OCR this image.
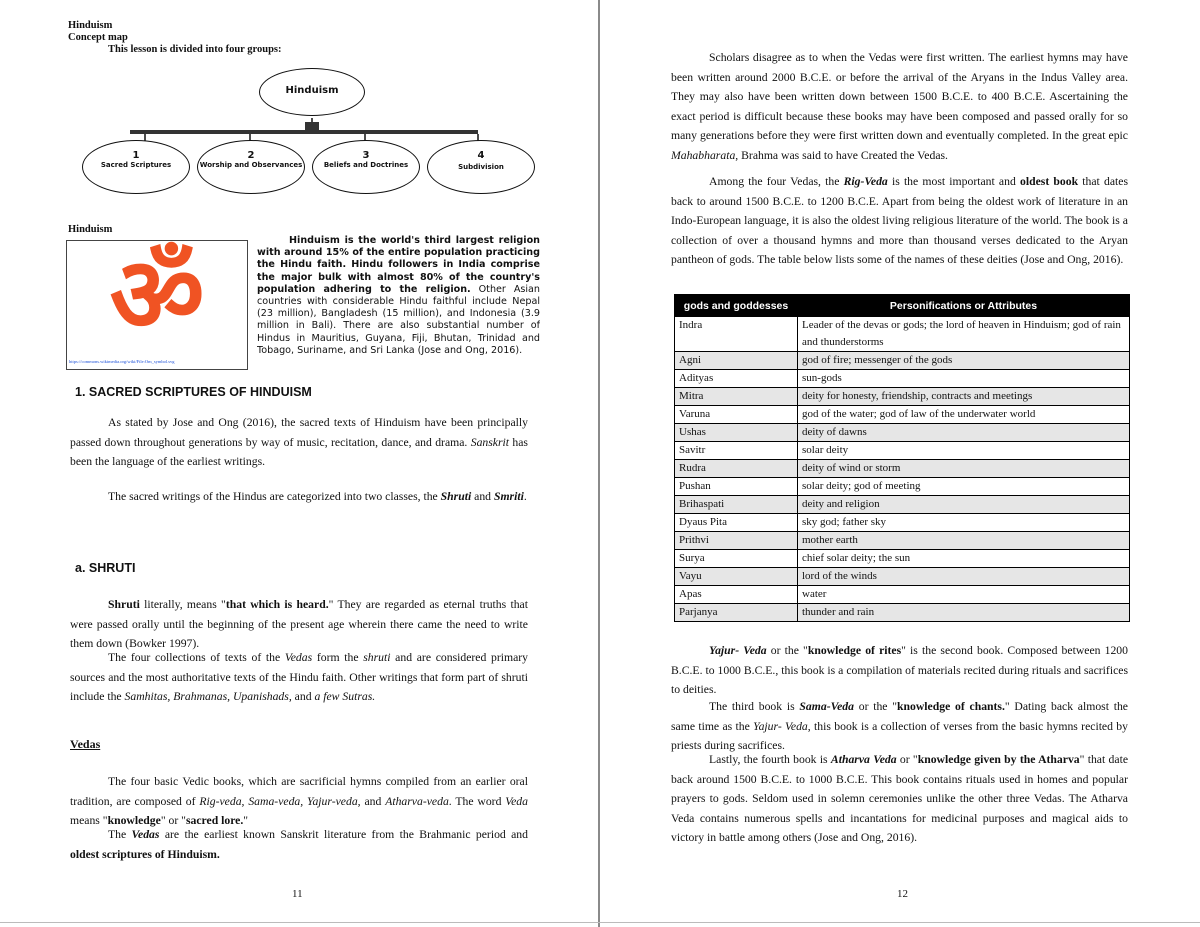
Hinduism
Concept map
This lesson is divided into four groups:
Hinduism
1
Sacred Scriptures
2
Worship and Observances
3
Beliefs and Doctrines
4
Subdivision
Hinduism
ॐ
https://commons.wikimedia.org/wiki/File:Om_symbol.svg
Hinduism is the world's third largest religion with around 15% of the entire population practicing the Hindu faith. Hindu followers in India comprise the major bulk with almost 80% of the country's population adhering to the religion. Other Asian countries with considerable Hindu faithful include Nepal (23 million), Bangladesh (15 million), and Indonesia (3.9 million in Bali). There are also substantial number of Hindus in Mauritius, Guyana, Fiji, Bhutan, Trinidad and Tobago, Suriname, and Sri Lanka (Jose and Ong, 2016).
1. SACRED SCRIPTURES OF HINDUISM
As stated by Jose and Ong (2016), the sacred texts of Hinduism have been principally passed down throughout generations by way of music, recitation, dance, and drama. Sanskrit has been the language of the earliest writings.
The sacred writings of the Hindus are categorized into two classes, the Shruti and Smriti.
a. SHRUTI
Shruti literally, means "that which is heard." They are regarded as eternal truths that were passed orally until the beginning of the present age wherein there came the need to write them down (Bowker 1997).
The four collections of texts of the Vedas form the shruti and are considered primary sources and the most authoritative texts of the Hindu faith. Other writings that form part of shruti include the Samhitas, Brahmanas, Upanishads, and a few Sutras.
Vedas
The four basic Vedic books, which are sacrificial hymns compiled from an earlier oral tradition, are composed of Rig-veda, Sama-veda, Yajur-veda, and Atharva-veda. The word Veda means "knowledge" or "sacred lore."
The Vedas are the earliest known Sanskrit literature from the Brahmanic period and oldest scriptures of Hinduism.
11
Scholars disagree as to when the Vedas were first written. The earliest hymns may have been written around 2000 B.C.E. or before the arrival of the Aryans in the Indus Valley area. They may also have been written down between 1500 B.C.E. to 400 B.C.E. Ascertaining the exact period is difficult because these books may have been composed and passed orally for so many generations before they were first written down and eventually completed. In the great epic Mahabharata, Brahma was said to have Created the Vedas.
Among the four Vedas, the Rig-Veda is the most important and oldest book that dates back to around 1500 B.C.E. to 1200 B.C.E. Apart from being the oldest work of literature in an Indo-European language, it is also the oldest living religious literature of the world. The book is a collection of over a thousand hymns and more than thousand verses dedicated to the Aryan pantheon of gods. The table below lists some of the names of these deities (Jose and Ong, 2016).
gods and goddesses	Personifications or Attributes
Indra	Leader of the devas or gods; the lord of heaven in Hinduism; god of rain and thunderstorms
Agni	god of fire; messenger of the gods
Adityas	sun-gods
Mitra	deity for honesty, friendship, contracts and meetings
Varuna	god of the water; god of law of the underwater world
Ushas	deity of dawns
Savitr	solar deity
Rudra	deity of wind or storm
Pushan	solar deity; god of meeting
Brihaspati	deity and religion
Dyaus Pita	sky god; father sky
Prithvi	mother earth
Surya	chief solar deity; the sun
Vayu	lord of the winds
Apas	water
Parjanya	thunder and rain
Yajur- Veda or the "knowledge of rites" is the second book. Composed between 1200 B.C.E. to 1000 B.C.E., this book is a compilation of materials recited during rituals and sacrifices to deities.
The third book is Sama-Veda or the "knowledge of chants." Dating back almost the same time as the Yajur- Veda, this book is a collection of verses from the basic hymns recited by priests during sacrifices.
Lastly, the fourth book is Atharva Veda or "knowledge given by the Atharva" that date back around 1500 B.C.E. to 1000 B.C.E. This book contains rituals used in homes and popular prayers to gods. Seldom used in solemn ceremonies unlike the other three Vedas. The Atharva Veda contains numerous spells and incantations for medicinal purposes and magical aids to victory in battle among others (Jose and Ong, 2016).
12
